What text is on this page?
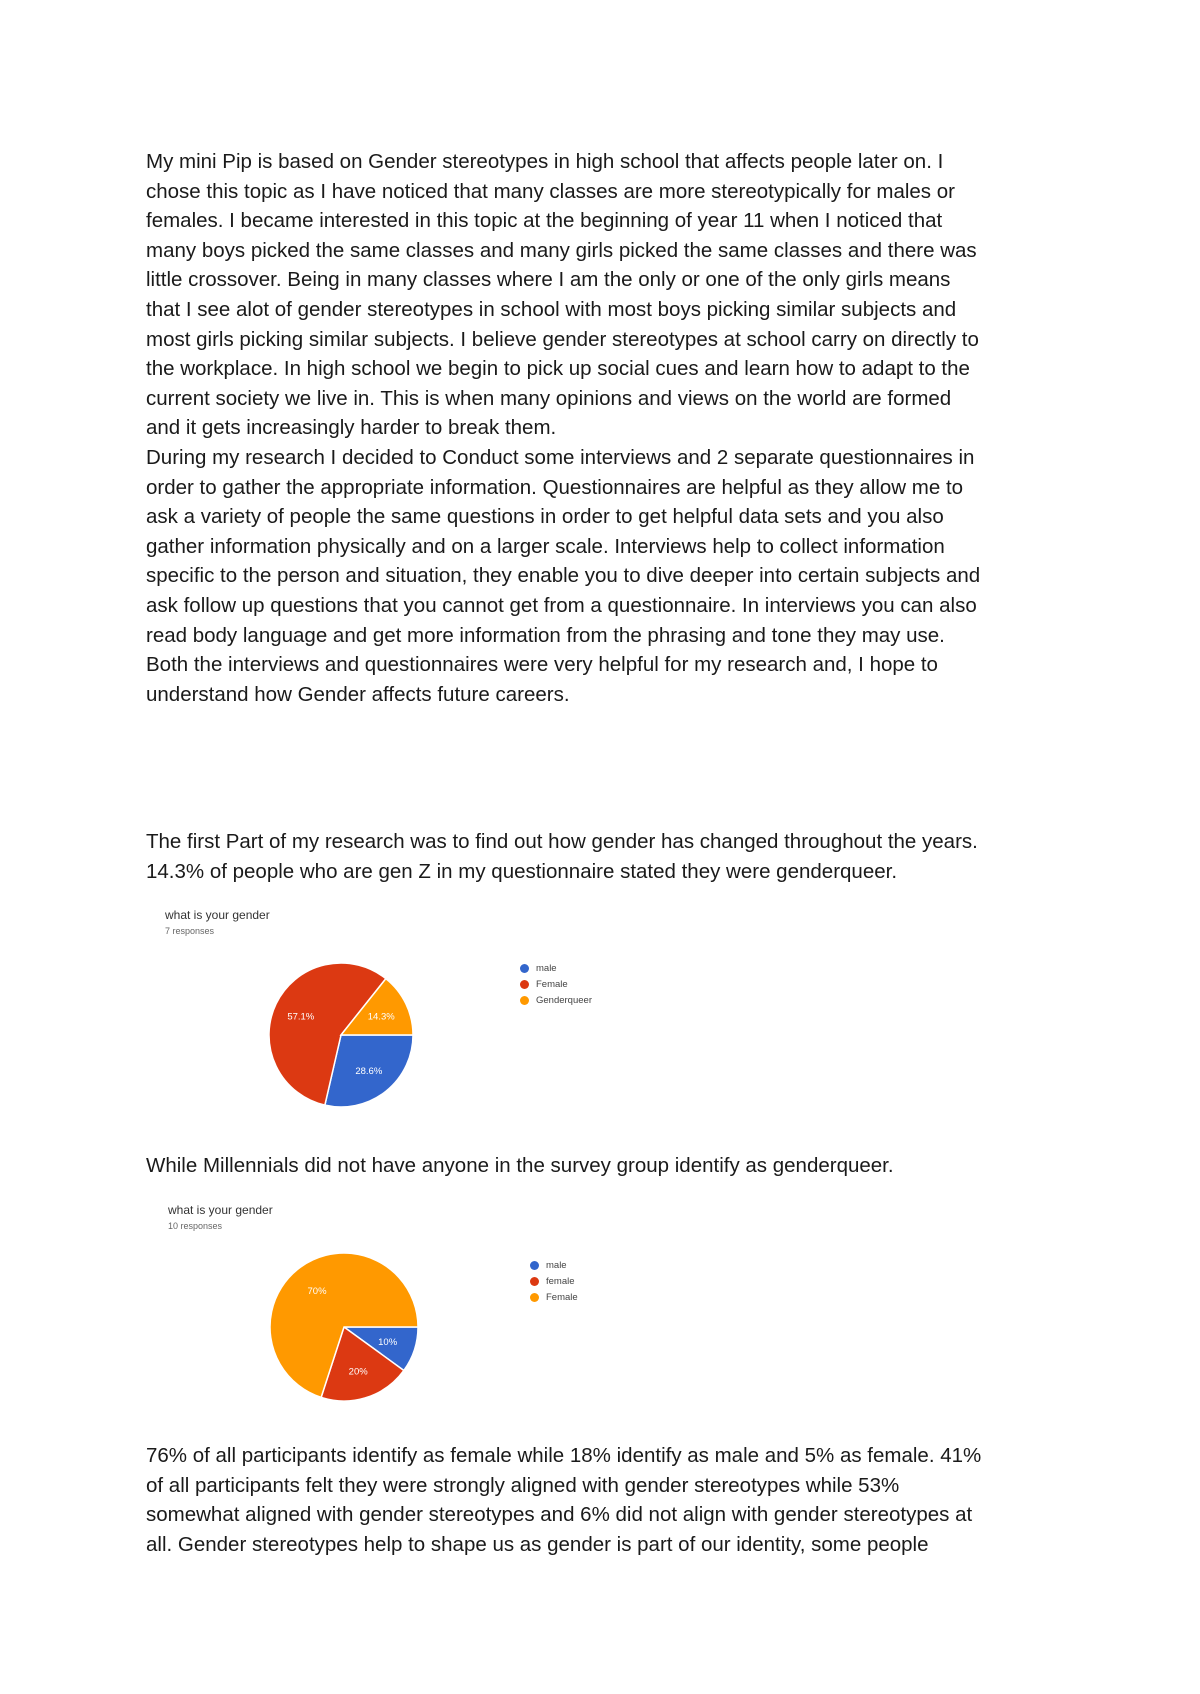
My mini Pip is based on Gender stereotypes in high school that affects people later on. I
chose this topic as I have noticed that many classes are more stereotypically for males or
females. I became interested in this topic at the beginning of year 11 when I noticed that
many boys picked the same classes and many girls picked the same classes and there was
little crossover. Being in many classes where I am the only or one of the only girls means
that I see alot of gender stereotypes in school with most boys picking similar subjects and
most girls picking similar subjects. I believe gender stereotypes at school carry on directly to
the workplace. In high school we begin to pick up social cues and learn how to adapt to the
current society we live in. This is when many opinions and views on the world are formed
and it gets increasingly harder to break them.
During my research I decided to Conduct some interviews and 2 separate questionnaires in
order to gather the appropriate information. Questionnaires are helpful as they allow me to
ask a variety of people the same questions in order to get helpful data sets and you also
gather information physically and on a larger scale. Interviews help to collect information
specific to the person and situation, they enable you to dive deeper into certain subjects and
ask follow up questions that you cannot get from a questionnaire. In interviews you can also
read body language and get more information from the phrasing and tone they may use.
Both the interviews and questionnaires were very helpful for my research and, I hope to
understand how Gender affects future careers.
The first Part of my research was to find out how gender has changed throughout the years.
14.3% of people who are gen Z in my questionnaire stated they were genderqueer.
what is your gender
7 responses
28.6%
57.1%	14.3%
male
Female
Genderqueer
While Millennials did not have anyone in the survey group identify as genderqueer.
what is your gender
10 responses
10%
20%
70%
male
female
Female
76% of all participants identify as female while 18% identify as male and 5% as female. 41%
of all participants felt they were strongly aligned with gender stereotypes while 53%
somewhat aligned with gender stereotypes and 6% did not align with gender stereotypes at
all. Gender stereotypes help to shape us as gender is part of our identity, some people
